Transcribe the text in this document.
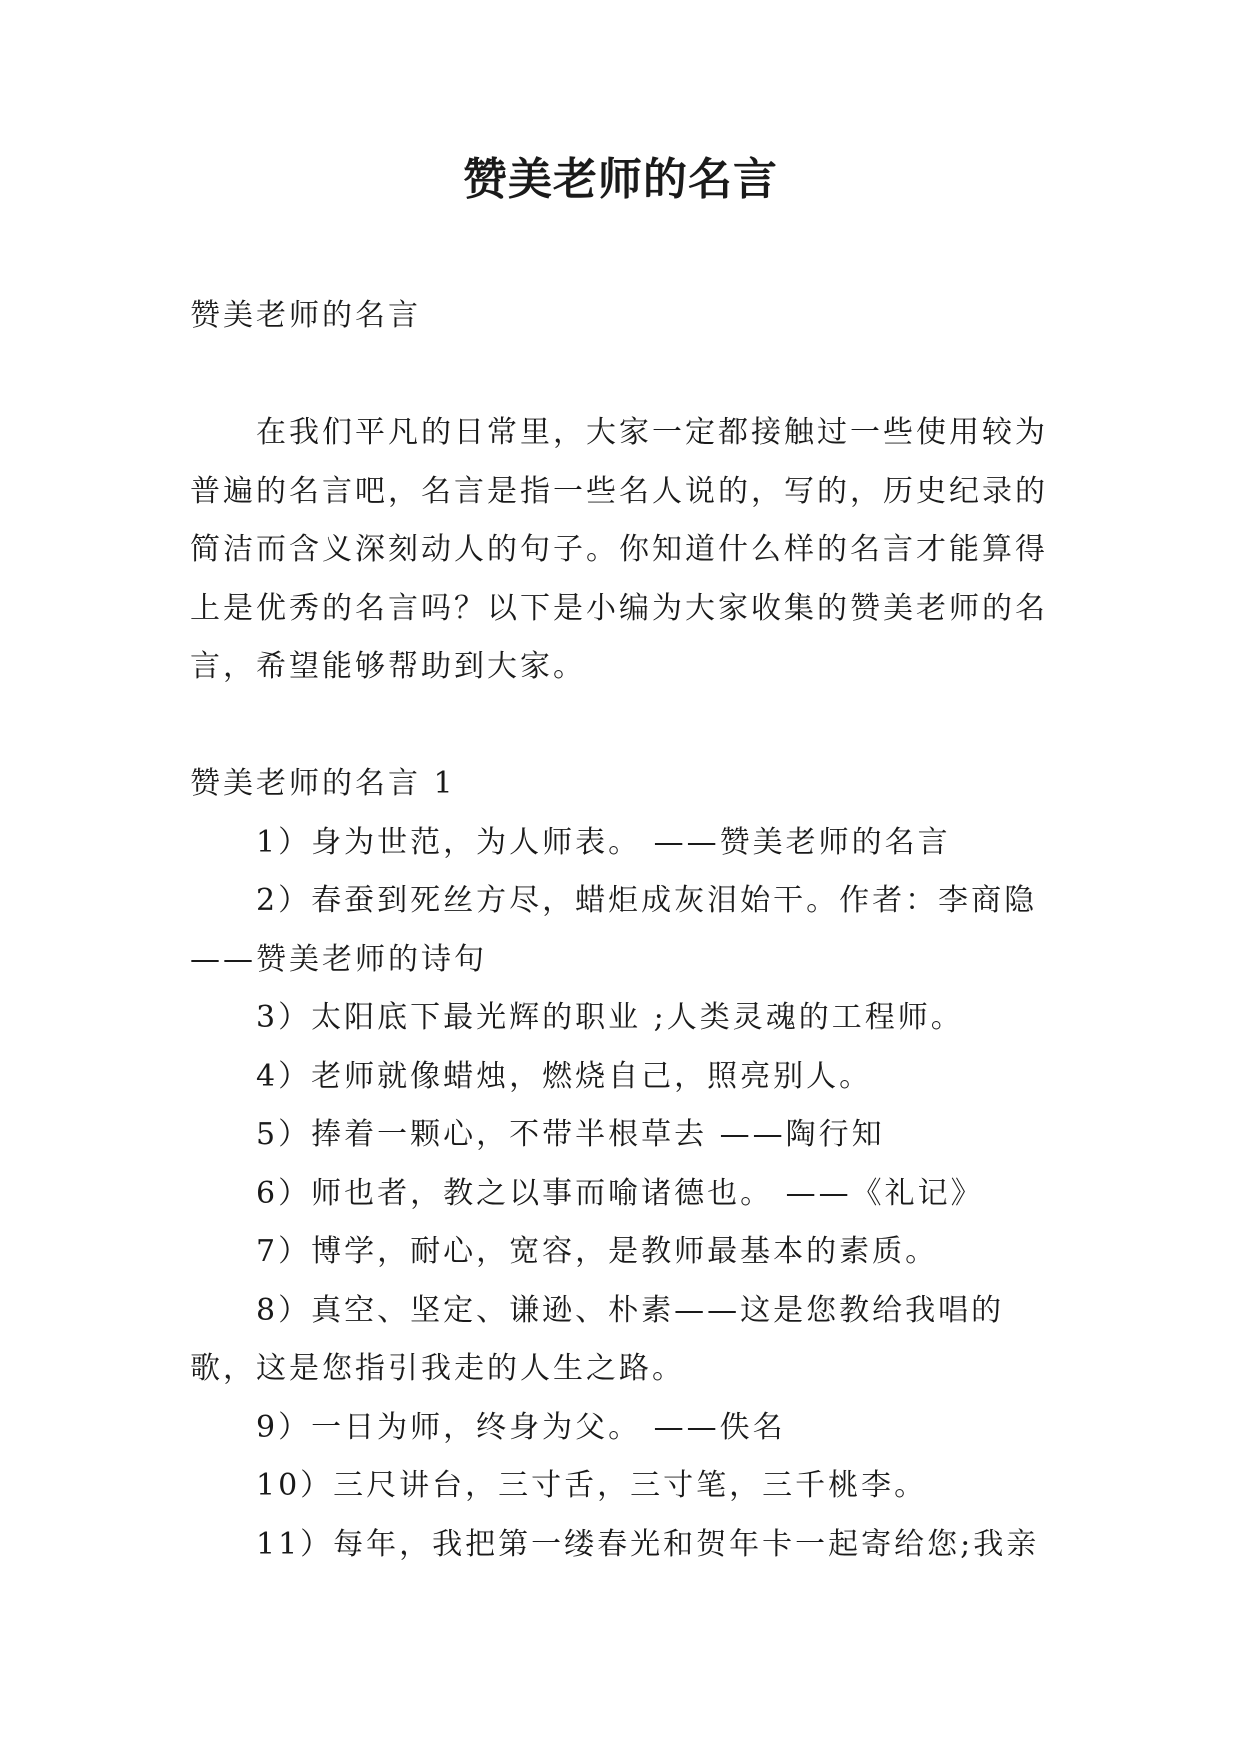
赞美老师的名言

赞美老师的名言

在我们平凡的日常里，大家一定都接触过一些使用较为普遍的名言吧，名言是指一些名人说的，写的，历史纪录的简洁而含义深刻动人的句子。你知道什么样的名言才能算得上是优秀的名言吗？以下是小编为大家收集的赞美老师的名言，希望能够帮助到大家。

赞美老师的名言 1

1）身为世范，为人师表。 ——赞美老师的名言

2）春蚕到死丝方尽，蜡炬成灰泪始干。作者：李商隐——赞美老师的诗句

3）太阳底下最光辉的职业 ;人类灵魂的工程师。

4）老师就像蜡烛，燃烧自己，照亮别人。

5）捧着一颗心，不带半根草去 ——陶行知

6）师也者，教之以事而喻诸德也。 ——《礼记》

7）博学，耐心，宽容，是教师最基本的素质。

8）真空、坚定、谦逊、朴素——这是您教给我唱的歌，这是您指引我走的人生之路。

9）一日为师，终身为父。 ——佚名

10）三尺讲台，三寸舌，三寸笔，三千桃李。

11）每年，我把第一缕春光和贺年卡一起寄给您;我亲
